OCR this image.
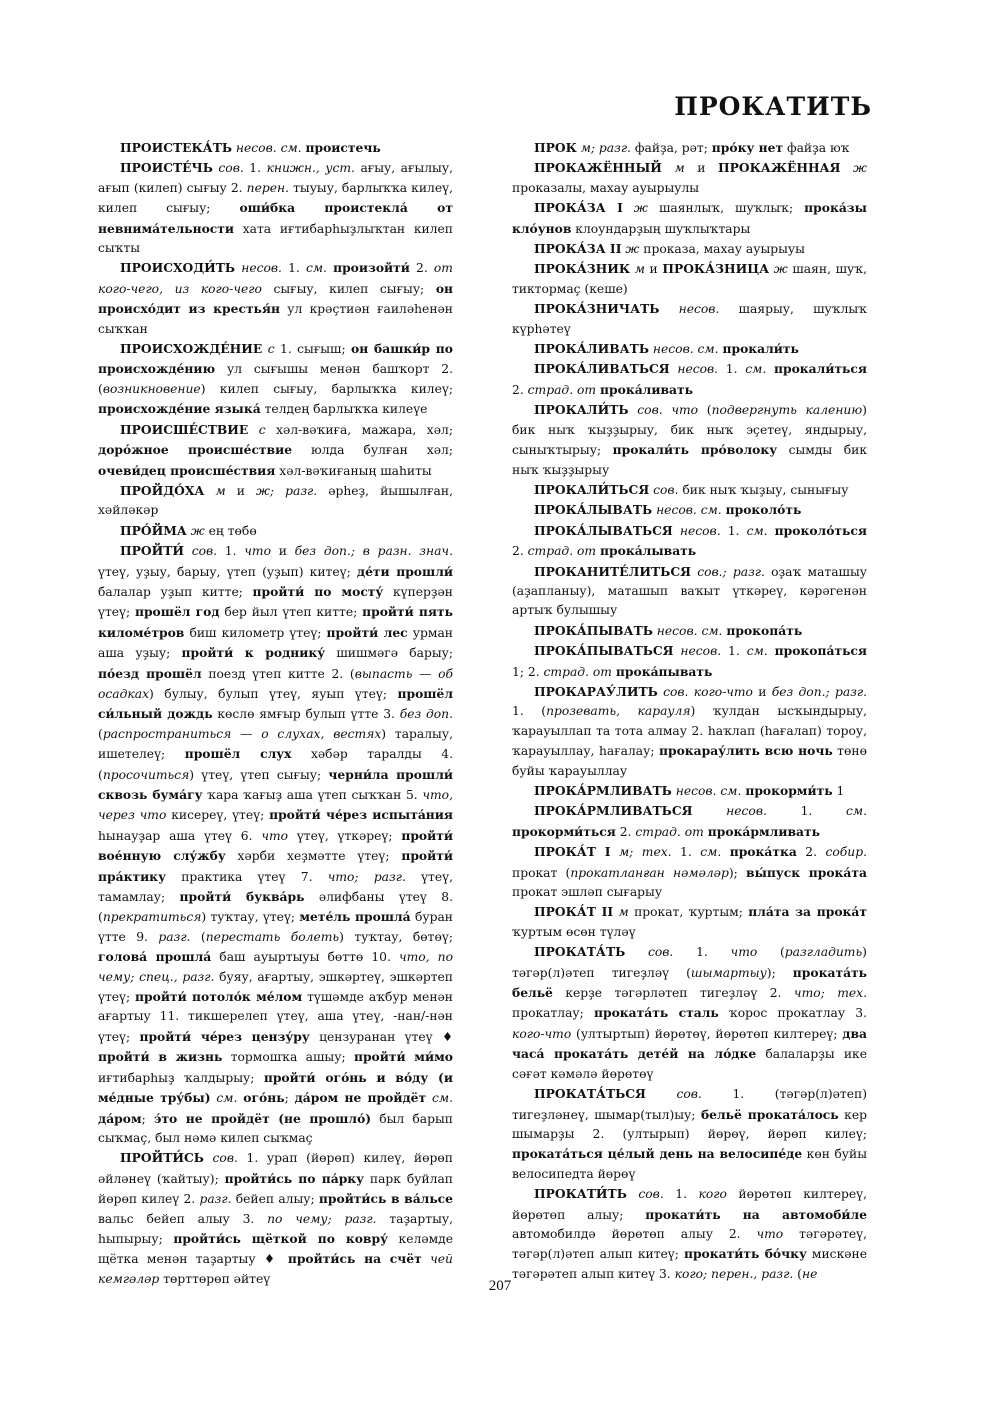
ПРОКАТИТЬ

ПРОИСТЕКА́ТЬ несов. см. проистечь

ПРОИСТЕ́ЧЬ сов. 1. книжн., уст. ағыу, ағылыу, ағып (килеп) сығыу 2. перен. тыуыу, барлыҡҡа килеү, килеп сығыу; оши́бка проистекла́ от невнима́тельности хата иғтибарһыҙлыҡтан килеп сыҡты

ПРОИСХОДИ́ТЬ несов. 1. см. произойти́ 2. от кого-чего, из кого-чего сығыу, килеп сығыу; он происхо́дит из крестья́н ул крәҫтиән ғаиләһенән сыҡҡан

ПРОИСХОЖДЕ́НИЕ с 1. сығыш; он башки́р по происхожде́нию ул сығышы менән башҡорт 2. (возникновение) килеп сығыу, барлыҡҡа килеү; происхожде́ние языка́ телдең барлыҡҡа килеүе

ПРОИСШЕ́СТВИЕ с хәл-вәҡиға, мажара, хәл; доро́жное происше́ствие юлда булған хәл; очеви́дец происше́ствия хәл-вәҡиғаның шаһиты

ПРОЙДО́ХА м и ж; разг. әрһеҙ, йышылған, хәйләкәр

ПРО́ЙМА ж ең төбө

ПРОЙТИ́ сов. 1. что и без доп.; в разн. знач. үтеү, уҙыу, барыу, үтеп (уҙып) китеү; де́ти прошли́ балалар уҙып китте; пройти́ по мосту́ күперҙән үтеү; прошёл год бер йыл үтеп китте; пройти́ пять киломе́тров биш километр үтеү; пройти́ лес урман аша уҙыу; пройти́ к роднику́ шишмәгә барыу; по́езд прошёл поезд үтеп китте 2. (выпасть — об осадках) булыу, булып үтеү, яуып үтеү; прошёл си́льный дождь көслө ямғыр булып үтте 3. без доп. (распространиться — о слухах, вестях) таралыу, ишетелеү; прошёл слух хәбәр таралды 4. (просочиться) үтеү, үтеп сығыу; черни́ла прошли́ сквозь бума́гу ҡара ҡағыҙ аша үтеп сыҡҡан 5. что, через что кисереү, үтеү; пройти́ че́рез испыта́ния һынауҙар аша үтеү 6. что үтеү, үткәреү; пройти́ вое́нную слу́жбу хәрби хеҙмәтте үтеү; пройти́ пра́ктику практика үтеү 7. что; разг. үтеү, тамамлау; пройти́ буква́рь әлифбаны үтеү 8. (прекратиться) туҡтау, үтеү; мете́ль прошла́ буран үтте 9. разг. (перестать болеть) туҡтау, бөтөү; голова́ прошла́ баш ауыртыуы бөттө 10. что, по чему; спец., разг. буяу, ағартыу, эшкәртеү, эшкәртеп үтеү; пройти́ потоло́к ме́лом түшәмде аҡбур менән ағартыу 11. тикшерелеп үтеү, аша үтеү, -нан/-нән үтеү; пройти́ че́рез цензу́ру цензуранан үтеү ♦ пройти́ в жизнь тормошҡа ашыу; пройти́ ми́мо иғтибарһыҙ ҡалдырыу; пройти́ ого́нь и во́ду (и ме́дные тру́бы) см. ого́нь; да́ром не пройдёт см. да́ром; э́то не пройдёт (не прошло́) был барып сыҡмаҫ, был нәмә килеп сыҡмаҫ

ПРОЙТИ́СЬ сов. 1. урап (йөрөп) килеү, йөрөп әйләнеү (ҡайтыу); пройти́сь по па́рку парк буйлап йөрөп килеү 2. разг. бейеп алыу; пройти́сь в ва́льсе вальс бейеп алыу 3. по чему; разг. таҙартыу, һыпырыу; пройти́сь щёткой по ковру́ келәмде щётка менән таҙартыу ♦ пройти́сь на счёт чей кемгәләр төрттөрөп әйтеү

ПРОК м; разг. файҙа, рәт; про́ку нет файҙа юҡ

ПРОКАЖЁННЫЙ м и ПРОКАЖЁННАЯ ж проказалы, махау ауырыулы

ПРОКА́ЗА I ж шаянлыҡ, шуҡлыҡ; прока́зы кло́унов клоундарҙың шуҡлыҡтары

ПРОКА́ЗА II ж проказа, махау ауырыуы

ПРОКА́ЗНИК м и ПРОКА́ЗНИЦА ж шаян, шуҡ, тиктормаҫ (кеше)

ПРОКА́ЗНИЧАТЬ несов. шаярыу, шуҡлыҡ күрһәтеү

ПРОКА́ЛИВАТЬ несов. см. прокали́ть

ПРОКА́ЛИВАТЬСЯ несов. 1. см. прокали́ться 2. страд. от прока́ливать

ПРОКАЛИ́ТЬ сов. что (подвергнуть калению) бик ныҡ ҡыҙҙырыу, бик ныҡ эҫетеү, яндырыу, сыныҡтырыу; прокали́ть про́волоку сымды бик ныҡ ҡыҙҙырыу

ПРОКАЛИ́ТЬСЯ сов. бик ныҡ ҡыҙыу, сынығыу

ПРОКА́ЛЫВАТЬ несов. см. проколо́ть

ПРОКА́ЛЫВАТЬСЯ несов. 1. см. проколо́ться 2. страд. от прока́лывать

ПРОКАНИТЕ́ЛИТЬСЯ сов.; разг. оҙаҡ маташыу (аҙапланыу), маташып ваҡыт үткәреү, кәрәгенән артыҡ булышыу

ПРОКА́ПЫВАТЬ несов. см. прокопа́ть

ПРОКА́ПЫВАТЬСЯ несов. 1. см. прокопа́ться 1; 2. страд. от прока́пывать

ПРОКАРАУ́ЛИТЬ сов. кого-что и без доп.; разг. 1. (прозевать, карауля) ҡулдан ысҡындырыу, ҡарауыллап та тота алмау 2. һаҡлап (һағалап) тороу, ҡарауыллау, һағалау; прокарау́лить всю ночь төнө буйы ҡарауыллау

ПРОКА́РМЛИВАТЬ несов. см. прокорми́ть 1

ПРОКА́РМЛИВАТЬСЯ	несов. 1. см. прокорми́ться 2. страд. от прока́рмливать

ПРОКА́Т I м; тех. 1. см. прока́тка 2. собир. прокат (прокатланған нәмәләр); вы́пуск прока́та прокат эшләп сығарыу

ПРОКА́Т II м прокат, ҡуртым; пла́та за прока́т ҡуртым өсөн түләү

ПРОКАТА́ТЬ сов. 1. что (разгладить) тәгәр(л)әтеп тигеҙләү (шымартыу); проката́ть бельё керҙе тәгәрләтеп тигеҙләү 2. что; тех. прокатлау; проката́ть сталь ҡорос прокатлау 3. кого-что (ултыртып) йөрөтөү, йөрөтөп килтереү; два часа́ проката́ть дете́й на ло́дке балаларҙы ике сәғәт кәмәлә йөрөтөү

ПРОКАТА́ТЬСЯ сов. 1. (тәгәр(л)әтеп) тигеҙләнеү, шымар(тыл)ыу; бельё проката́лось кер шымарҙы 2. (ултырып) йөрөү, йөрөп килеү; проката́ться це́лый день на велосипе́де көн буйы велосипедта йөрөү

ПРОКАТИ́ТЬ сов. 1. кого йөрөтөп килтереү, йөрөтөп алыу; прокати́ть на автомоби́ле автомобилдә йөрөтөп алыу 2. что тәгәрәтеү, тәгәр(л)әтеп алып китеү; прокати́ть бо́чку мискәне тәгәрәтеп алып китеү 3. кого; перен., разг. (не

207
